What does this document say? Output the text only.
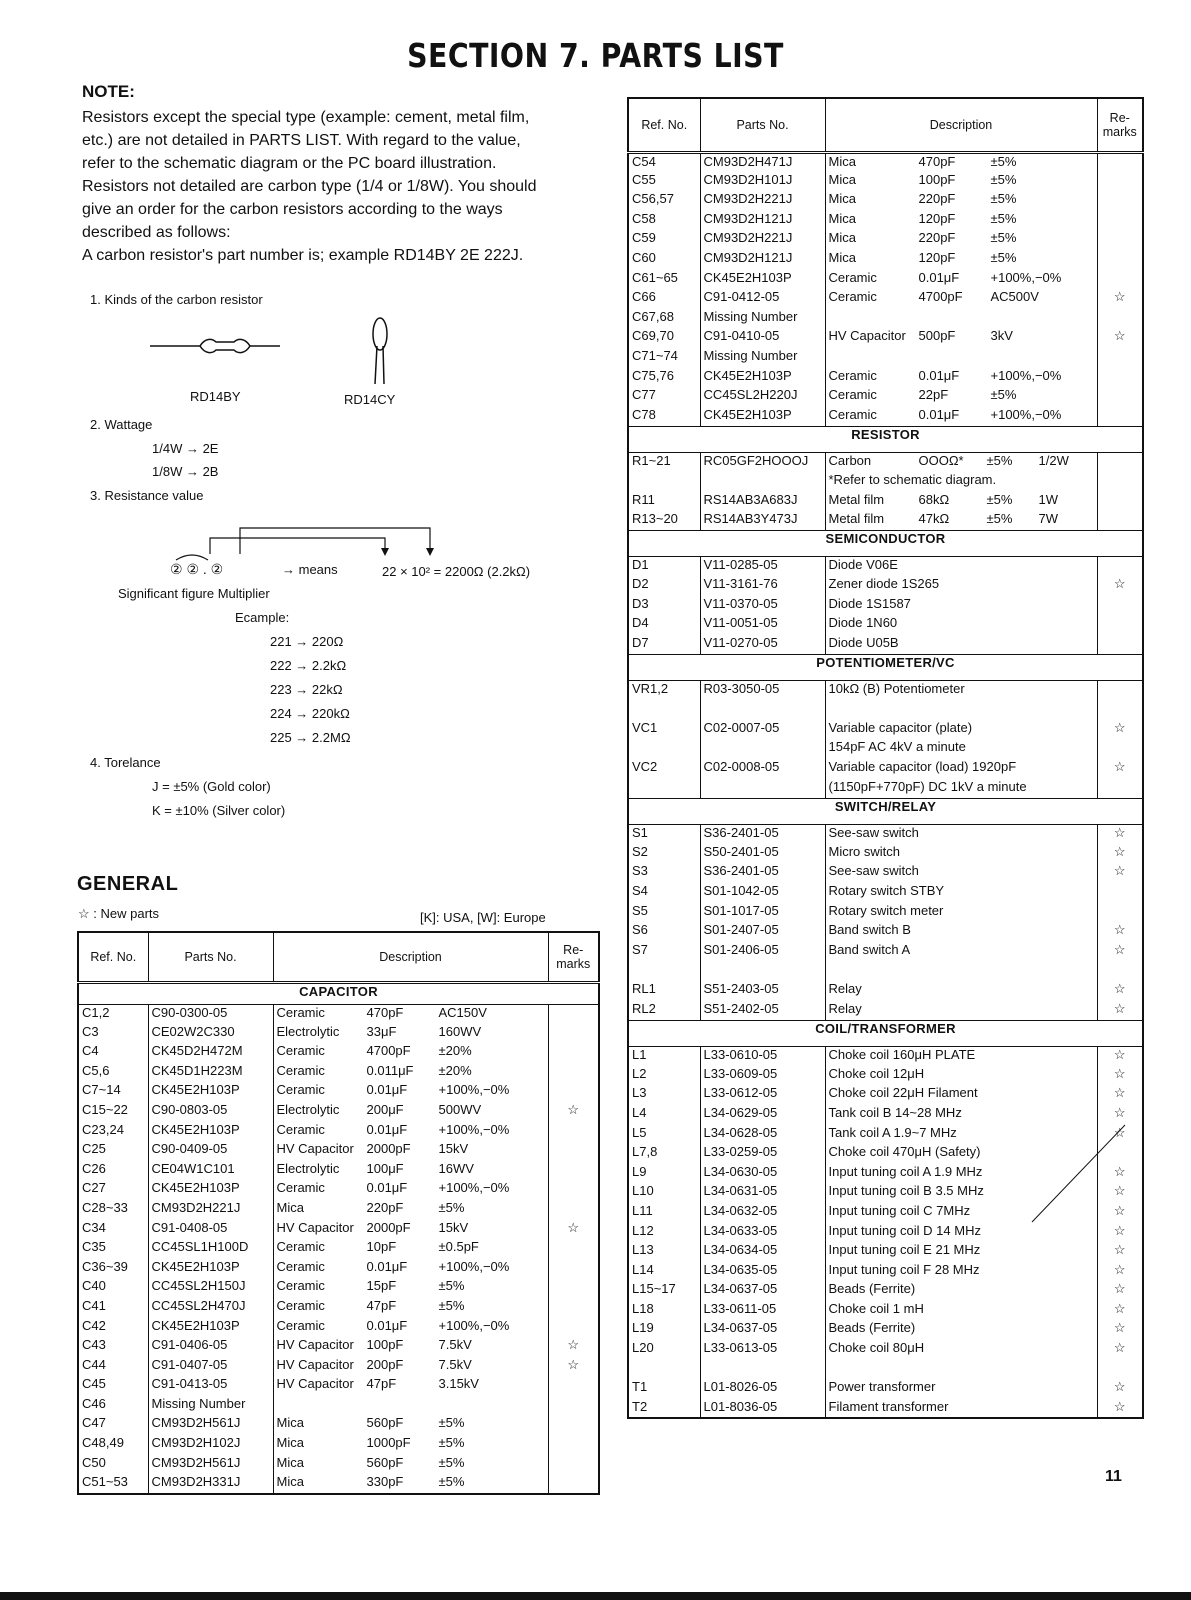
SECTION 7. PARTS LIST
NOTE:
Resistors except the special type (example: cement, metal film,
etc.) are not detailed in PARTS LIST. With regard to the value,
refer to the schematic diagram or the PC board illustration.
Resistors not detailed are carbon type (1/4 or 1/8W). You should
give an order for the carbon resistors according to the ways
described as follows:
A carbon resistor's part number is; example RD14BY 2E 222J.
1. Kinds of the carbon resistor
RD14BY	RD14CY
2. Wattage
1/4W → 2E
1/8W → 2B
3. Resistance value
② ② . ②	→ means	22 × 10² = 2200Ω (2.2kΩ)
Significant figure Multiplier
Ecample:
221 → 220Ω
222 → 2.2kΩ
223 → 22kΩ
224 → 220kΩ
225 → 2.2MΩ
4. Torelance
J = ±5% (Gold color)
K = ±10% (Silver color)
GENERAL
☆ : New parts	[K]: USA, [W]: Europe
Ref. No.	Parts No.	Description	Re-
marks
CAPACITOR			
C1,2	C90-0300-05	Ceramic 470pF AC150V	

C3	CE02W2C330	Electrolytic 33μF 160WV	

C4	CK45D2H472M	Ceramic 4700pF ±20%	

C5,6	CK45D1H223M	Ceramic 0.011μF ±20%	

C7~14	CK45E2H103P	Ceramic 0.01μF +100%,−0%	

C15~22	C90-0803-05	Electrolytic 200μF 500WV	☆
C23,24	CK45E2H103P	Ceramic 0.01μF +100%,−0%	

C25	C90-0409-05	HV Capacitor 2000pF 15kV	

C26	CE04W1C101	Electrolytic 100μF 16WV	

C27	CK45E2H103P	Ceramic 0.01μF +100%,−0%	

C28~33	CM93D2H221J	Mica 220pF ±5%	

C34	C91-0408-05	HV Capacitor 2000pF 15kV	☆
C35	CC45SL1H100D	Ceramic 10pF ±0.5pF	

C36~39	CK45E2H103P	Ceramic 0.01μF +100%,−0%	

C40	CC45SL2H150J	Ceramic 15pF ±5%	

C41	CC45SL2H470J	Ceramic 47pF ±5%	

C42	CK45E2H103P	Ceramic 0.01μF +100%,−0%	

C43	C91-0406-05	HV Capacitor 100pF 7.5kV	☆
C44	C91-0407-05	HV Capacitor 200pF 7.5kV	☆
C45	C91-0413-05	HV Capacitor 47pF 3.15kV	

C46	Missing Number	

C47	CM93D2H561J	Mica 560pF ±5%	

C48,49	CM93D2H102J	Mica 1000pF ±5%	

C50	CM93D2H561J	Mica 560pF ±5%	

C51~53	CM93D2H331J	Mica 330pF ±5%	

Ref. No.	Parts No.	Description	Re-
marks
C54	CM93D2H471J	Mica 470pF ±5%	

C55	CM93D2H101J	Mica 100pF ±5%	

C56,57	CM93D2H221J	Mica 220pF ±5%	

C58	CM93D2H121J	Mica 120pF ±5%	

C59	CM93D2H221J	Mica 220pF ±5%	

C60	CM93D2H121J	Mica 120pF ±5%	

C61~65	CK45E2H103P	Ceramic 0.01μF +100%,−0%	

C66	C91-0412-05	Ceramic 4700pF AC500V	☆
C67,68	Missing Number	

C69,70	C91-0410-05	HV Capacitor 500pF 3kV	☆
C71~74	Missing Number	

C75,76	CK45E2H103P	Ceramic 0.01μF +100%,−0%	

C77	CC45SL2H220J	Ceramic 22pF ±5%	

C78	CK45E2H103P	Ceramic 0.01μF +100%,−0%	

RESISTOR			
R1~21	RC05GF2HOOOJ	Carbon OOOΩ* ±5% 1/2W	

		*Refer to schematic diagram.	

R11	RS14AB3A683J	Metal film 68kΩ ±5% 1W	

R13~20	RS14AB3Y473J	Metal film 47kΩ ±5% 7W	

SEMICONDUCTOR			
D1	V11-0285-05	Diode V06E	
D2	V11-3161-76	Zener diode 1S265	☆
D3	V11-0370-05	Diode 1S1587	
D4	V11-0051-05	Diode 1N60	
D7	V11-0270-05	Diode U05B	
POTENTIOMETER/VC			
VR1,2	R03-3050-05	10kΩ (B) Potentiometer	

VC1	C02-0007-05	Variable capacitor (plate)	☆
		154pF AC 4kV a minute	
VC2	C02-0008-05	Variable capacitor (load) 1920pF	☆
		(1150pF+770pF) DC 1kV a minute	
SWITCH/RELAY			
S1	S36-2401-05	See-saw switch	☆
S2	S50-2401-05	Micro switch	☆
S3	S36-2401-05	See-saw switch	☆
S4	S01-1042-05	Rotary switch STBY	
S5	S01-1017-05	Rotary switch meter	
S6	S01-2407-05	Band switch B	☆
S7	S01-2406-05	Band switch A	☆

RL1	S51-2403-05	Relay	☆
RL2	S51-2402-05	Relay	☆
COIL/TRANSFORMER			
L1	L33-0610-05	Choke coil 160μH PLATE	☆
L2	L33-0609-05	Choke coil 12μH	☆
L3	L33-0612-05	Choke coil 22μH Filament	☆
L4	L34-0629-05	Tank coil B 14~28 MHz	☆
L5	L34-0628-05	Tank coil A 1.9~7 MHz	☆
L7,8	L33-0259-05	Choke coil 470μH (Safety)	
L9	L34-0630-05	Input tuning coil A 1.9 MHz	☆
L10	L34-0631-05	Input tuning coil B 3.5 MHz	☆
L11	L34-0632-05	Input tuning coil C 7MHz	☆
L12	L34-0633-05	Input tuning coil D 14 MHz	☆
L13	L34-0634-05	Input tuning coil E 21 MHz	☆
L14	L34-0635-05	Input tuning coil F 28 MHz	☆
L15~17	L34-0637-05	Beads (Ferrite)	☆
L18	L33-0611-05	Choke coil 1 mH	☆
L19	L34-0637-05	Beads (Ferrite)	☆
L20	L33-0613-05	Choke coil 80μH	☆

T1	L01-8026-05	Power transformer	☆
T2	L01-8036-05	Filament transformer	☆
11
